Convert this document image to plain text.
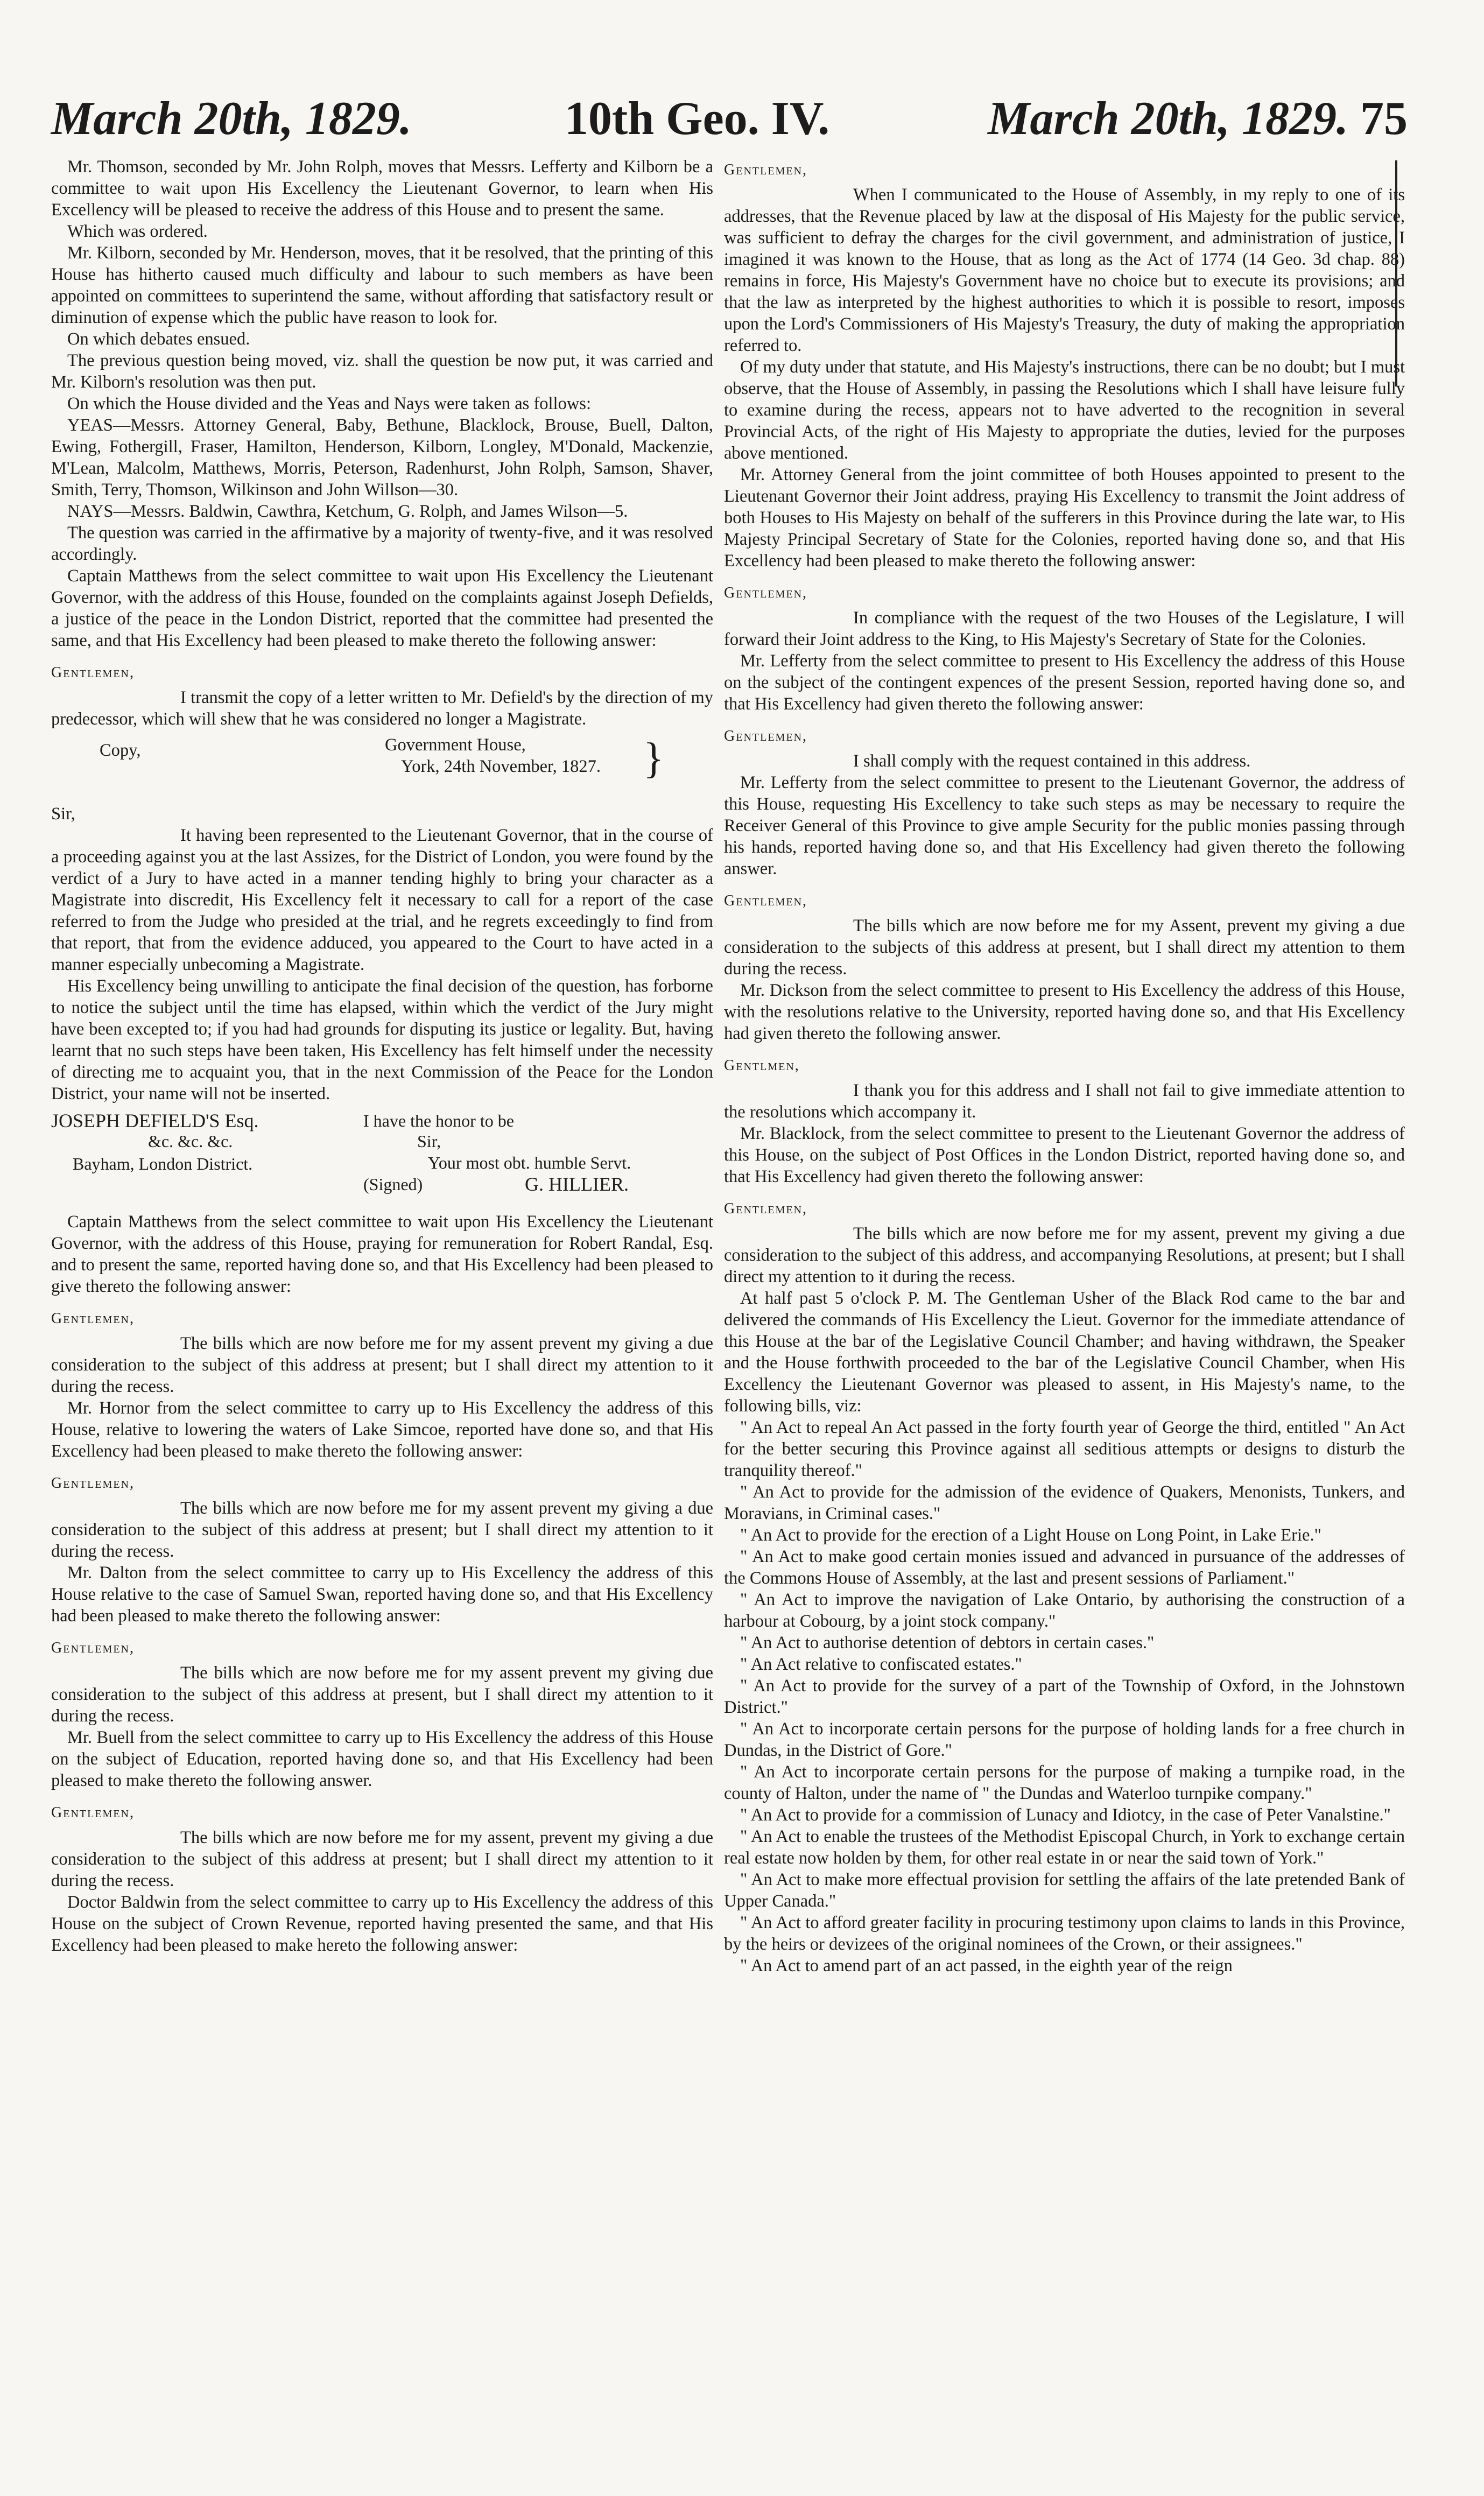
March 20th, 1829.	10th Geo. IV.	March 20th, 1829. 75

Mr. Thomson, seconded by Mr. John Rolph, moves that Messrs. Lefferty and Kilborn be a committee to wait upon His Excellency the Lieutenant Governor, to learn when His Excellency will be pleased to receive the address of this House and to present the same.

Which was ordered.

Mr. Kilborn, seconded by Mr. Henderson, moves, that it be resolved, that the printing of this House has hitherto caused much difficulty and labour to such members as have been appointed on committees to superintend the same, without affording that satisfactory result or diminution of expense which the public have reason to look for.

On which debates ensued.

The previous question being moved, viz. shall the question be now put, it was carried and Mr. Kilborn's resolution was then put.

On which the House divided and the Yeas and Nays were taken as follows:

YEAS—Messrs. Attorney General, Baby, Bethune, Blacklock, Brouse, Buell, Dalton, Ewing, Fothergill, Fraser, Hamilton, Henderson, Kilborn, Longley, M'Donald, Mackenzie, M'Lean, Malcolm, Matthews, Morris, Peterson, Radenhurst, John Rolph, Samson, Shaver, Smith, Terry, Thomson, Wilkinson and John Willson—30.

NAYS—Messrs. Baldwin, Cawthra, Ketchum, G. Rolph, and James Wilson—5.

The question was carried in the affirmative by a majority of twenty-five, and it was resolved accordingly.

Captain Matthews from the select committee to wait upon His Excellency the Lieutenant Governor, with the address of this House, founded on the complaints against Joseph Defields, a justice of the peace in the London District, reported that the committee had presented the same, and that His Excellency had been pleased to make thereto the following answer:

Gentlemen,

I transmit the copy of a letter written to Mr. Defield's by the direction of my predecessor, which will shew that he was considered no longer a Magistrate.

Copy,	Government House,
York, 24th November, 1827. }

Sir,

It having been represented to the Lieutenant Governor, that in the course of a proceeding against you at the last Assizes, for the District of London, you were found by the verdict of a Jury to have acted in a manner tending highly to bring your character as a Magistrate into discredit, His Excellency felt it necessary to call for a report of the case referred to from the Judge who presided at the trial, and he regrets exceedingly to find from that report, that from the evidence adduced, you appeared to the Court to have acted in a manner especially unbecoming a Magistrate.

His Excellency being unwilling to anticipate the final decision of the question, has forborne to notice the subject until the time has elapsed, within which the verdict of the Jury might have been excepted to; if you had had grounds for disputing its justice or legality. But, having learnt that no such steps have been taken, His Excellency has felt himself under the necessity of directing me to acquaint you, that in the next Commission of the Peace for the London District, your name will not be inserted.

JOSEPH DEFIELD'S Esq.
&c. &c. &c.
Bayham, London District.
I have the honor to be
Sir,
Your most obt. humble Servt.
(Signed)	G. HILLIER.

Captain Matthews from the select committee to wait upon His Excellency the Lieutenant Governor, with the address of this House, praying for remuneration for Robert Randal, Esq. and to present the same, reported having done so, and that His Excellency had been pleased to give thereto the following answer:

Gentlemen,

The bills which are now before me for my assent prevent my giving a due consideration to the subject of this address at present; but I shall direct my attention to it during the recess.

Mr. Hornor from the select committee to carry up to His Excellency the address of this House, relative to lowering the waters of Lake Simcoe, reported have done so, and that His Excellency had been pleased to make thereto the following answer:

Gentlemen,

The bills which are now before me for my assent prevent my giving a due consideration to the subject of this address at present; but I shall direct my attention to it during the recess.

Mr. Dalton from the select committee to carry up to His Excellency the address of this House relative to the case of Samuel Swan, reported having done so, and that His Excellency had been pleased to make thereto the following answer:

Gentlemen,

The bills which are now before me for my assent prevent my giving due consideration to the subject of this address at present, but I shall direct my attention to it during the recess.

Mr. Buell from the select committee to carry up to His Excellency the address of this House on the subject of Education, reported having done so, and that His Excellency had been pleased to make thereto the following answer.

Gentlemen,

The bills which are now before me for my assent, prevent my giving a due consideration to the subject of this address at present; but I shall direct my attention to it during the recess.

Doctor Baldwin from the select committee to carry up to His Excellency the address of this House on the subject of Crown Revenue, reported having presented the same, and that His Excellency had been pleased to make hereto the following answer:

Gentlemen,

When I communicated to the House of Assembly, in my reply to one of its addresses, that the Revenue placed by law at the disposal of His Majesty for the public service, was sufficient to defray the charges for the civil government, and administration of justice, I imagined it was known to the House, that as long as the Act of 1774 (14 Geo. 3d chap. 88) remains in force, His Majesty's Government have no choice but to execute its provisions; and that the law as interpreted by the highest authorities to which it is possible to resort, imposes upon the Lord's Commissioners of His Majesty's Treasury, the duty of making the appropriation referred to.

Of my duty under that statute, and His Majesty's instructions, there can be no doubt; but I must observe, that the House of Assembly, in passing the Resolutions which I shall have leisure fully to examine during the recess, appears not to have adverted to the recognition in several Provincial Acts, of the right of His Majesty to appropriate the duties, levied for the purposes above mentioned.

Mr. Attorney General from the joint committee of both Houses appointed to present to the Lieutenant Governor their Joint address, praying His Excellency to transmit the Joint address of both Houses to His Majesty on behalf of the sufferers in this Province during the late war, to His Majesty Principal Secretary of State for the Colonies, reported having done so, and that His Excellency had been pleased to make thereto the following answer:

Gentlemen,

In compliance with the request of the two Houses of the Legislature, I will forward their Joint address to the King, to His Majesty's Secretary of State for the Colonies.

Mr. Lefferty from the select committee to present to His Excellency the address of this House on the subject of the contingent expences of the present Session, reported having done so, and that His Excellency had given thereto the following answer:

Gentlemen,

I shall comply with the request contained in this address.

Mr. Lefferty from the select committee to present to the Lieutenant Governor, the address of this House, requesting His Excellency to take such steps as may be necessary to require the Receiver General of this Province to give ample Security for the public monies passing through his hands, reported having done so, and that His Excellency had given thereto the following answer.

Gentlemen,

The bills which are now before me for my Assent, prevent my giving a due consideration to the subjects of this address at present, but I shall direct my attention to them during the recess.

Mr. Dickson from the select committee to present to His Excellency the address of this House, with the resolutions relative to the University, reported having done so, and that His Excellency had given thereto the following answer.

Gentlmen,

I thank you for this address and I shall not fail to give immediate attention to the resolutions which accompany it.

Mr. Blacklock, from the select committee to present to the Lieutenant Governor the address of this House, on the subject of Post Offices in the London District, reported having done so, and that His Excellency had given thereto the following answer:

Gentlemen,

The bills which are now before me for my assent, prevent my giving a due consideration to the subject of this address, and accompanying Resolutions, at present; but I shall direct my attention to it during the recess.

At half past 5 o'clock P. M. The Gentleman Usher of the Black Rod came to the bar and delivered the commands of His Excellency the Lieut. Governor for the immediate attendance of this House at the bar of the Legislative Council Chamber; and having withdrawn, the Speaker and the House forthwith proceeded to the bar of the Legislative Council Chamber, when His Excellency the Lieutenant Governor was pleased to assent, in His Majesty's name, to the following bills, viz:

" An Act to repeal An Act passed in the forty fourth year of George the third, entitled " An Act for the better securing this Province against all seditious attempts or designs to disturb the tranquility thereof."

" An Act to provide for the admission of the evidence of Quakers, Menonists, Tunkers, and Moravians, in Criminal cases."

" An Act to provide for the erection of a Light House on Long Point, in Lake Erie."

" An Act to make good certain monies issued and advanced in pursuance of the addresses of the Commons House of Assembly, at the last and present sessions of Parliament."

" An Act to improve the navigation of Lake Ontario, by authorising the construction of a harbour at Cobourg, by a joint stock company."

" An Act to authorise detention of debtors in certain cases."

" An Act relative to confiscated estates."

" An Act to provide for the survey of a part of the Township of Oxford, in the Johnstown District."

" An Act to incorporate certain persons for the purpose of holding lands for a free church in Dundas, in the District of Gore."

" An Act to incorporate certain persons for the purpose of making a turnpike road, in the county of Halton, under the name of " the Dundas and Waterloo turnpike company."

" An Act to provide for a commission of Lunacy and Idiotcy, in the case of Peter Vanalstine."

" An Act to enable the trustees of the Methodist Episcopal Church, in York to exchange certain real estate now holden by them, for other real estate in or near the said town of York."

" An Act to make more effectual provision for settling the affairs of the late pretended Bank of Upper Canada."

" An Act to afford greater facility in procuring testimony upon claims to lands in this Province, by the heirs or devizees of the original nominees of the Crown, or their assignees."

" An Act to amend part of an act passed, in the eighth year of the reign
